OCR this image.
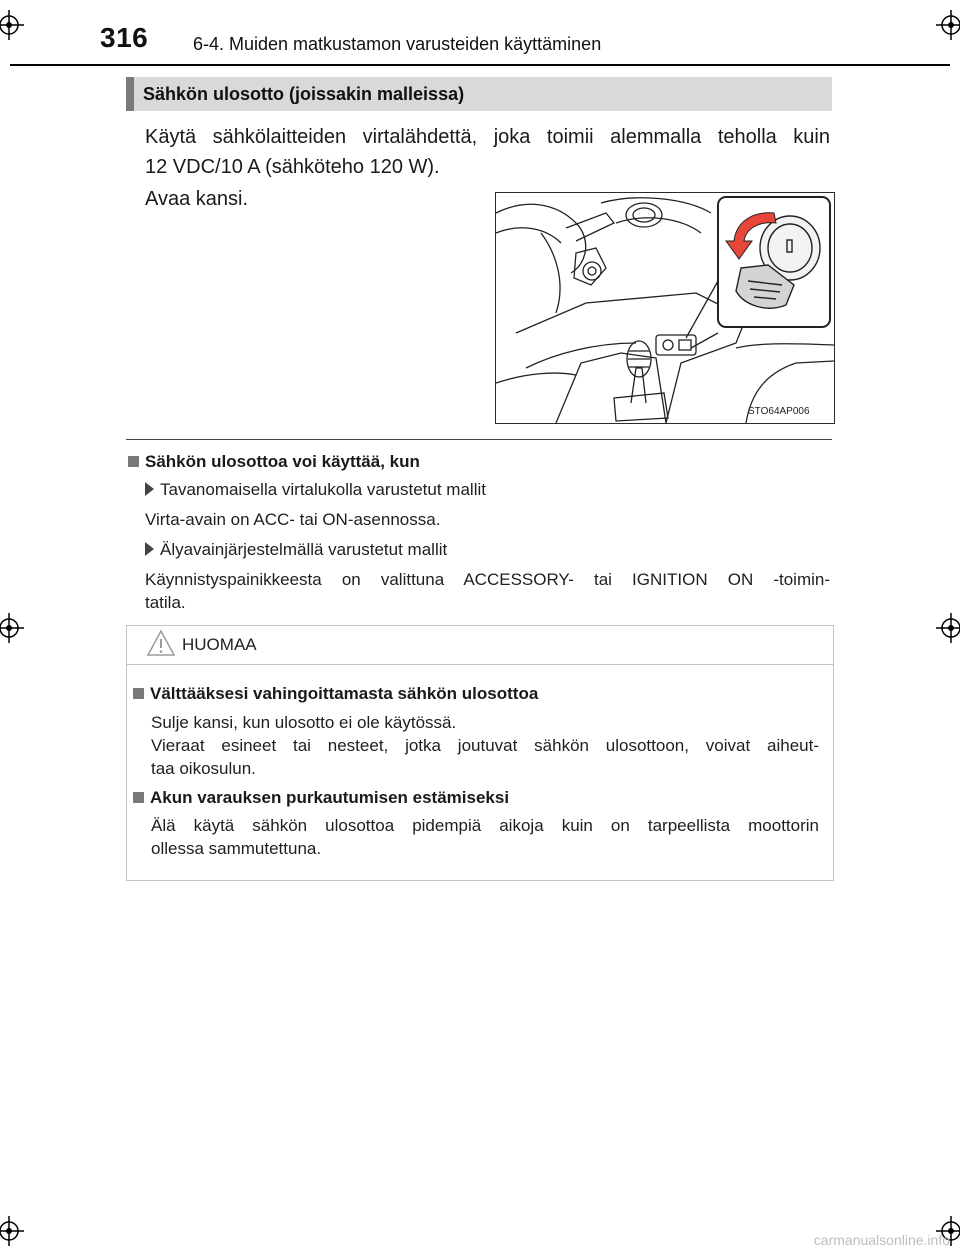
316 6-4. Muiden matkustamon varusteiden käyttäminen
Sähkön ulosotto (joissakin malleissa)
Käytä sähkölaitteiden virtalähdettä, joka toimii alemmalla teholla kuin
12 VDC/10 A (sähköteho 120 W).
Avaa kansi.
STO64AP006
Sähkön ulosottoa voi käyttää, kun
Tavanomaisella virtalukolla varustetut mallit
Virta-avain on ACC- tai ON-asennossa.
Älyavainjärjestelmällä varustetut mallit
Käynnistyspainikkeesta on valittuna ACCESSORY- tai IGNITION ON -toimin-
tatila.
HUOMAA
Välttääksesi vahingoittamasta sähkön ulosottoa
Sulje kansi, kun ulosotto ei ole käytössä.
Vieraat esineet tai nesteet, jotka joutuvat sähkön ulosottoon, voivat aiheut-
taa oikosulun.
Akun varauksen purkautumisen estämiseksi
Älä käytä sähkön ulosottoa pidempiä aikoja kuin on tarpeellista moottorin
ollessa sammutettuna.
carmanualsonline.info
